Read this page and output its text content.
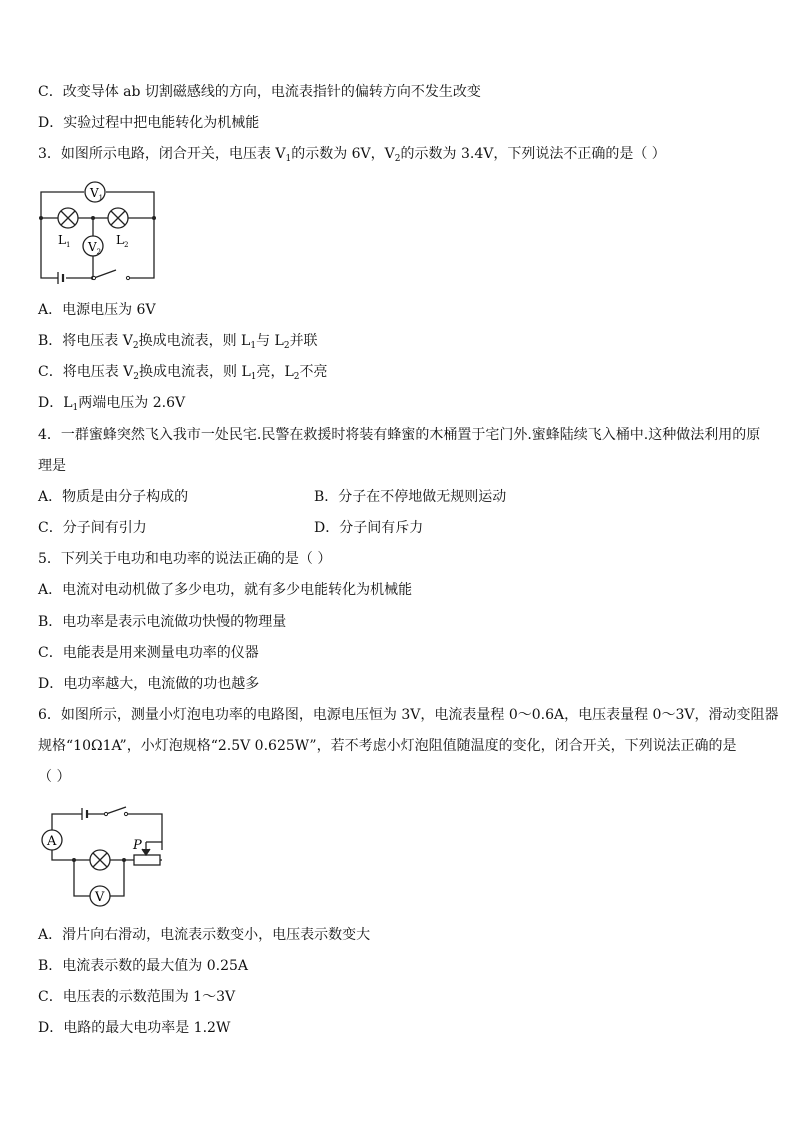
C．改变导体 ab 切割磁感线的方向，电流表指针的偏转方向不发生改变
D．实验过程中把电能转化为机械能
3．如图所示电路，闭合开关，电压表 $V_1$的示数为 6V，$V_2$的示数为 3.4V，下列说法不正确的是（ ）
$V_1$
$V_2$
$L_1$	$L_2$
A．电源电压为 6V
B．将电压表 $V_2$换成电流表，则 $L_1$与 $L_2$并联
C．将电压表 $V_2$换成电流表，则 $L_1$亮，$L_2$不亮
D．$L_1$两端电压为 2.6V
4．一群蜜蜂突然飞入我市一处民宅.民警在救援时将装有蜂蜜的木桶置于宅门外.蜜蜂陆续飞入桶中.这种做法利用的原
理是
A．物质是由分子构成的	B．分子在不停地做无规则运动
C．分子间有引力	D．分子间有斥力
5．下列关于电功和电功率的说法正确的是（ ）
A．电流对电动机做了多少电功，就有多少电能转化为机械能
B．电功率是表示电流做功快慢的物理量
C．电能表是用来测量电功率的仪器
D．电功率越大，电流做的功也越多
6．如图所示，测量小灯泡电功率的电路图，电源电压恒为 3V，电流表量程 0～0.6A，电压表量程 0～3V，滑动变阻器
规格“10Ω1A”，小灯泡规格“2.5V 0.625W”，若不考虑小灯泡阻值随温度的变化，闭合开关，下列说法正确的是
（ ）
A
V
P
A．滑片向右滑动，电流表示数变小，电压表示数变大
B．电流表示数的最大值为 0.25A
C．电压表的示数范围为 1～3V
D．电路的最大电功率是 1.2W
